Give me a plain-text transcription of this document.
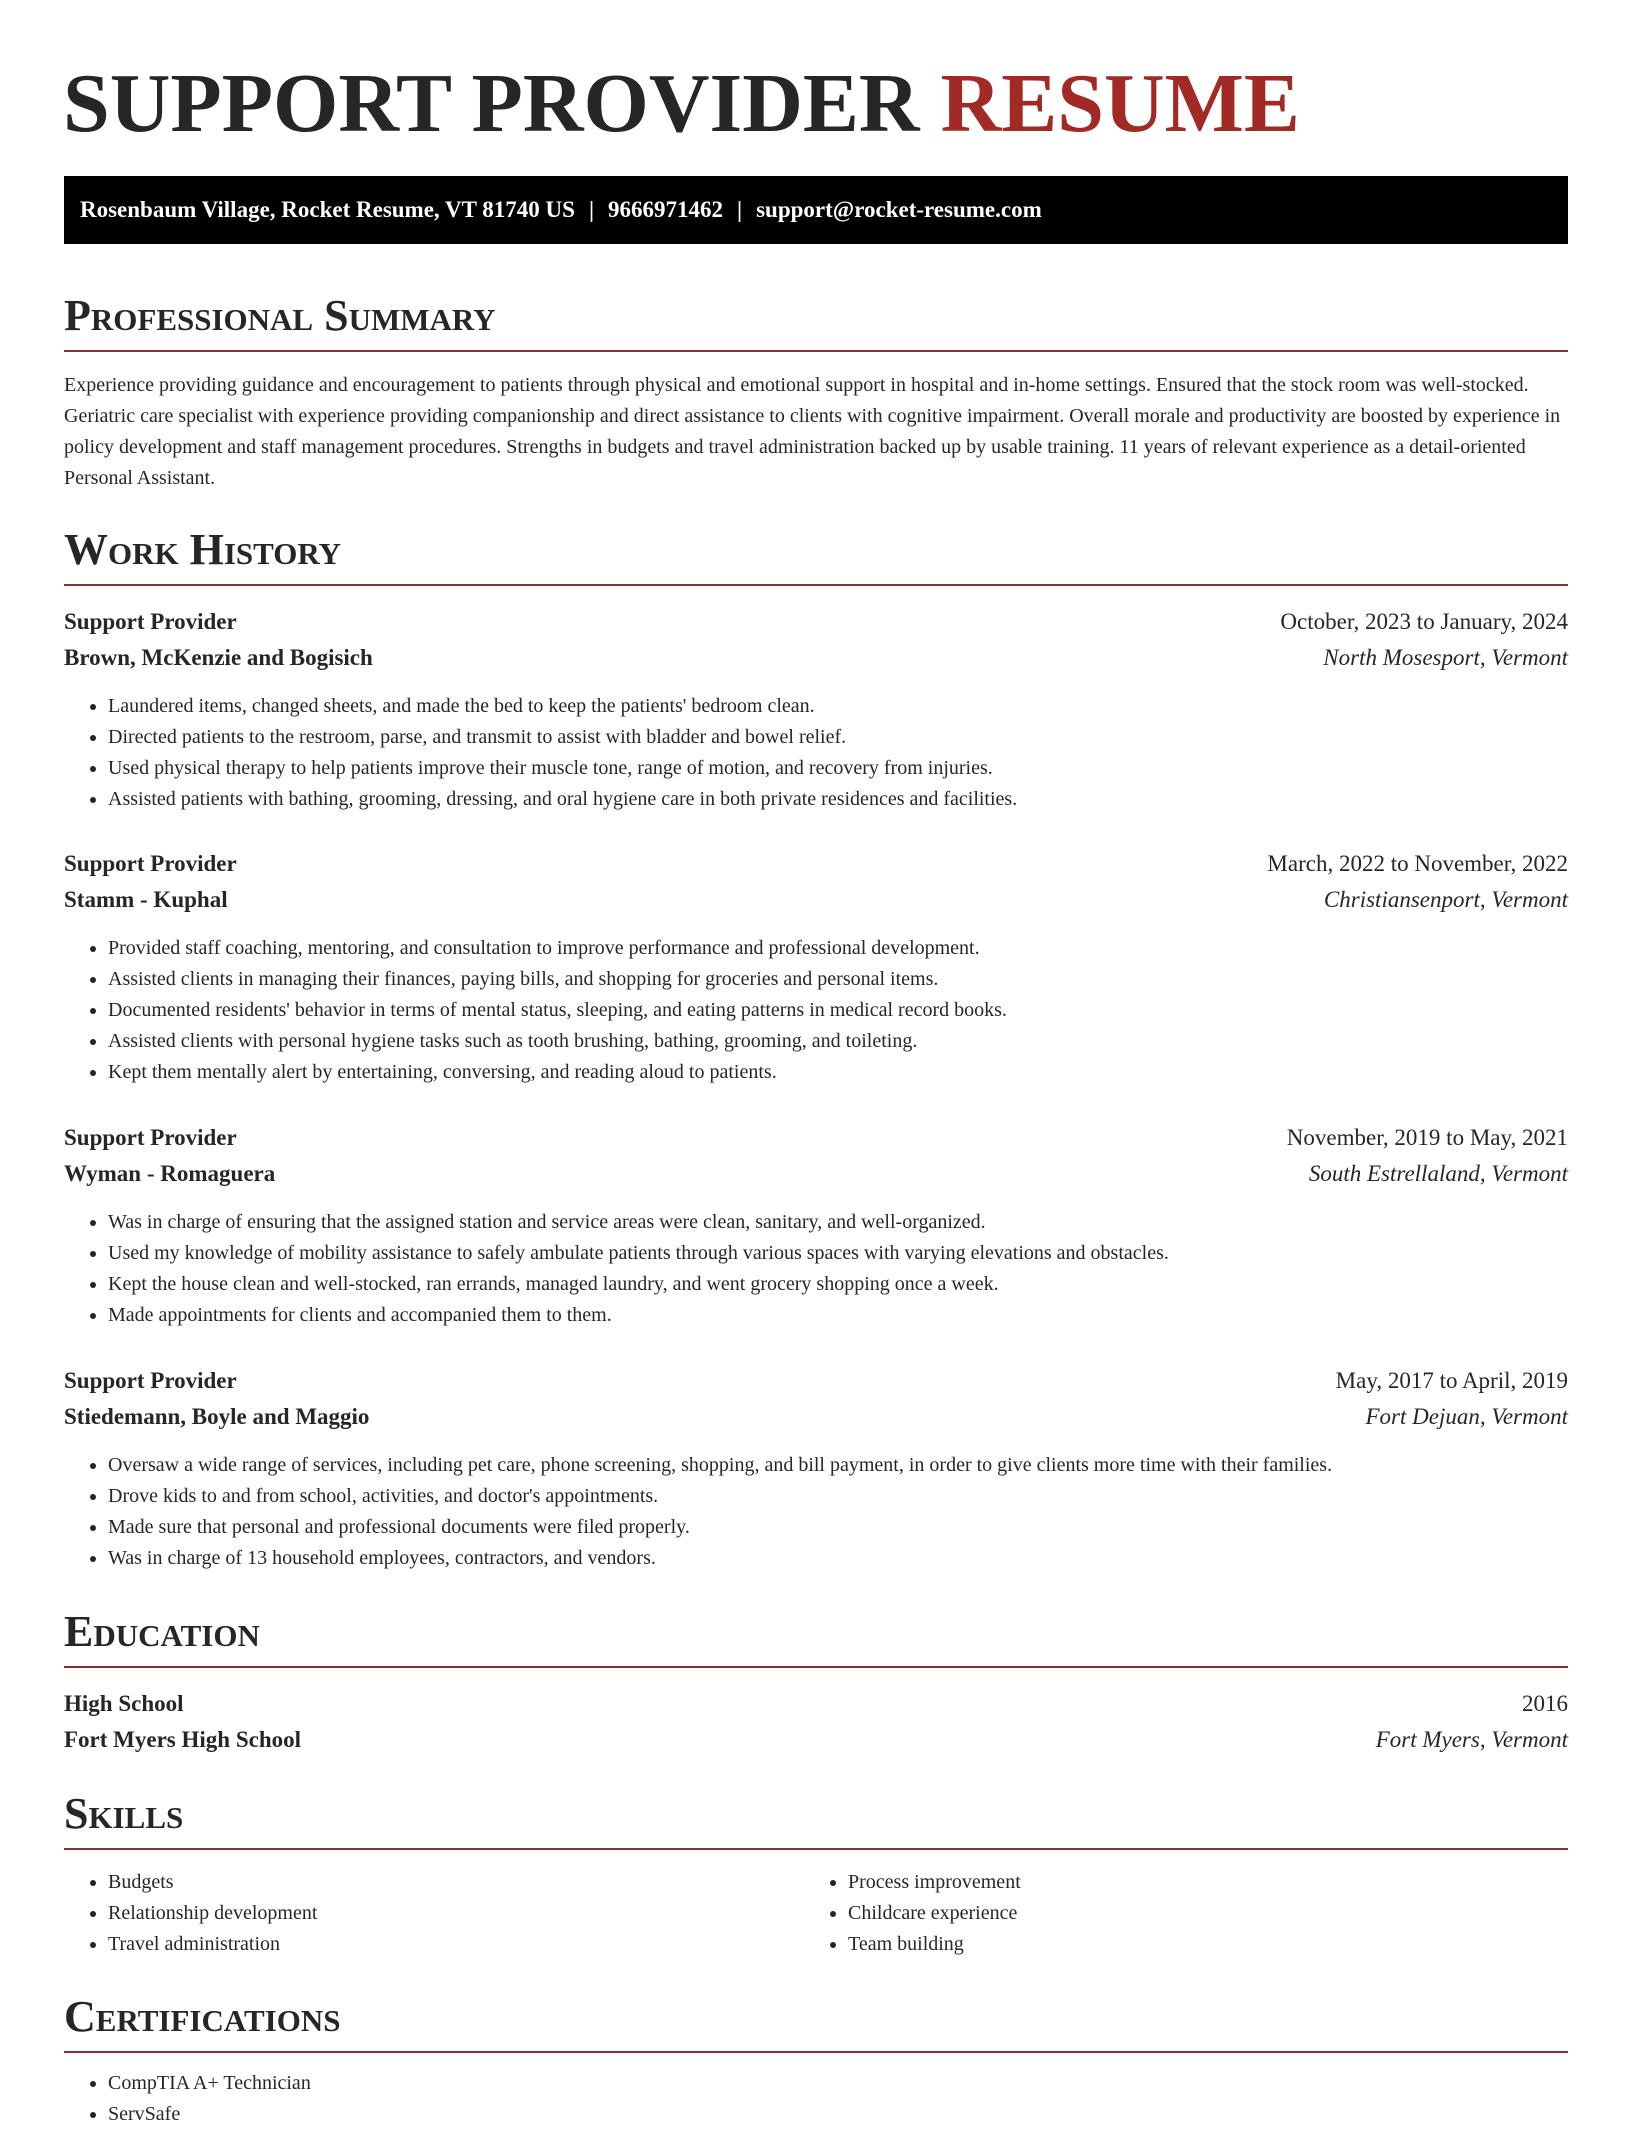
SUPPORT PROVIDER RESUME
Rosenbaum Village, Rocket Resume, VT 81740 US | 9666971462 | support@rocket-resume.com
Professional Summary

Experience providing guidance and encouragement to patients through physical and emotional support in hospital and in-home settings. Ensured that the stock room was well-stocked. Geriatric care specialist with experience providing companionship and direct assistance to clients with cognitive impairment. Overall morale and productivity are boosted by experience in policy development and staff management procedures. Strengths in budgets and travel administration backed up by usable training. 11 years of relevant experience as a detail-oriented Personal Assistant.

Work History
Support Provider	October, 2023 to January, 2024
Brown, McKenzie and Bogisich	North Mosesport, Vermont
• Laundered items, changed sheets, and made the bed to keep the patients' bedroom clean.
• Directed patients to the restroom, parse, and transmit to assist with bladder and bowel relief.
• Used physical therapy to help patients improve their muscle tone, range of motion, and recovery from injuries.
• Assisted patients with bathing, grooming, dressing, and oral hygiene care in both private residences and facilities.
Support Provider	March, 2022 to November, 2022
Stamm - Kuphal	Christiansenport, Vermont
• Provided staff coaching, mentoring, and consultation to improve performance and professional development.
• Assisted clients in managing their finances, paying bills, and shopping for groceries and personal items.
• Documented residents' behavior in terms of mental status, sleeping, and eating patterns in medical record books.
• Assisted clients with personal hygiene tasks such as tooth brushing, bathing, grooming, and toileting.
• Kept them mentally alert by entertaining, conversing, and reading aloud to patients.
Support Provider	November, 2019 to May, 2021
Wyman - Romaguera	South Estrellaland, Vermont
• Was in charge of ensuring that the assigned station and service areas were clean, sanitary, and well-organized.
• Used my knowledge of mobility assistance to safely ambulate patients through various spaces with varying elevations and obstacles.
• Kept the house clean and well-stocked, ran errands, managed laundry, and went grocery shopping once a week.
• Made appointments for clients and accompanied them to them.
Support Provider	May, 2017 to April, 2019
Stiedemann, Boyle and Maggio	Fort Dejuan, Vermont
• Oversaw a wide range of services, including pet care, phone screening, shopping, and bill payment, in order to give clients more time with their families.
• Drove kids to and from school, activities, and doctor's appointments.
• Made sure that personal and professional documents were filed properly.
• Was in charge of 13 household employees, contractors, and vendors.
Education
High School	2016
Fort Myers High School	Fort Myers, Vermont
Skills
• Budgets
• Relationship development
• Travel administration
• Process improvement
• Childcare experience
• Team building
Certifications
• CompTIA A+ Technician
• ServSafe
